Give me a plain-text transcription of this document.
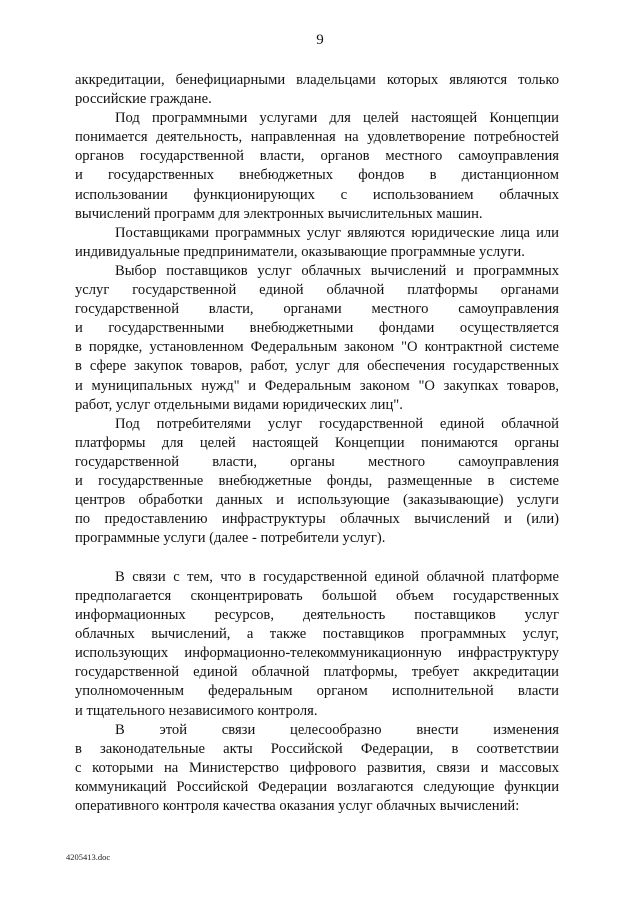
9

аккредитации, бенефициарными владельцами которых являются только
российские граждане.

Под программными услугами для целей настоящей Концепции
понимается деятельность, направленная на удовлетворение потребностей
органов государственной власти, органов местного самоуправления
и государственных внебюджетных фондов в дистанционном
использовании функционирующих с использованием облачных
вычислений программ для электронных вычислительных машин.

Поставщиками программных услуг являются юридические лица или
индивидуальные предприниматели, оказывающие программные услуги.

Выбор поставщиков услуг облачных вычислений и программных
услуг государственной единой облачной платформы органами
государственной власти, органами местного самоуправления
и государственными внебюджетными фондами осуществляется
в порядке, установленном Федеральным законом "О контрактной системе
в сфере закупок товаров, работ, услуг для обеспечения государственных
и муниципальных нужд" и Федеральным законом "О закупках товаров,
работ, услуг отдельными видами юридических лиц".

Под потребителями услуг государственной единой облачной
платформы для целей настоящей Концепции понимаются органы
государственной власти, органы местного самоуправления
и государственные внебюджетные фонды, размещенные в системе
центров обработки данных и использующие (заказывающие) услуги
по предоставлению инфраструктуры облачных вычислений и (или)
программные услуги (далее - потребители услуг).

В связи с тем, что в государственной единой облачной платформе
предполагается сконцентрировать большой объем государственных
информационных ресурсов, деятельность поставщиков услуг
облачных вычислений, а также поставщиков программных услуг,
использующих информационно-телекоммуникационную инфраструктуру
государственной единой облачной платформы, требует аккредитации
уполномоченным федеральным органом исполнительной власти
и тщательного независимого контроля.

В этой связи целесообразно внести изменения
в законодательные акты Российской Федерации, в соответствии
с которыми на Министерство цифрового развития, связи и массовых
коммуникаций Российской Федерации возлагаются следующие функции
оперативного контроля качества оказания услуг облачных вычислений:

4205413.doc
